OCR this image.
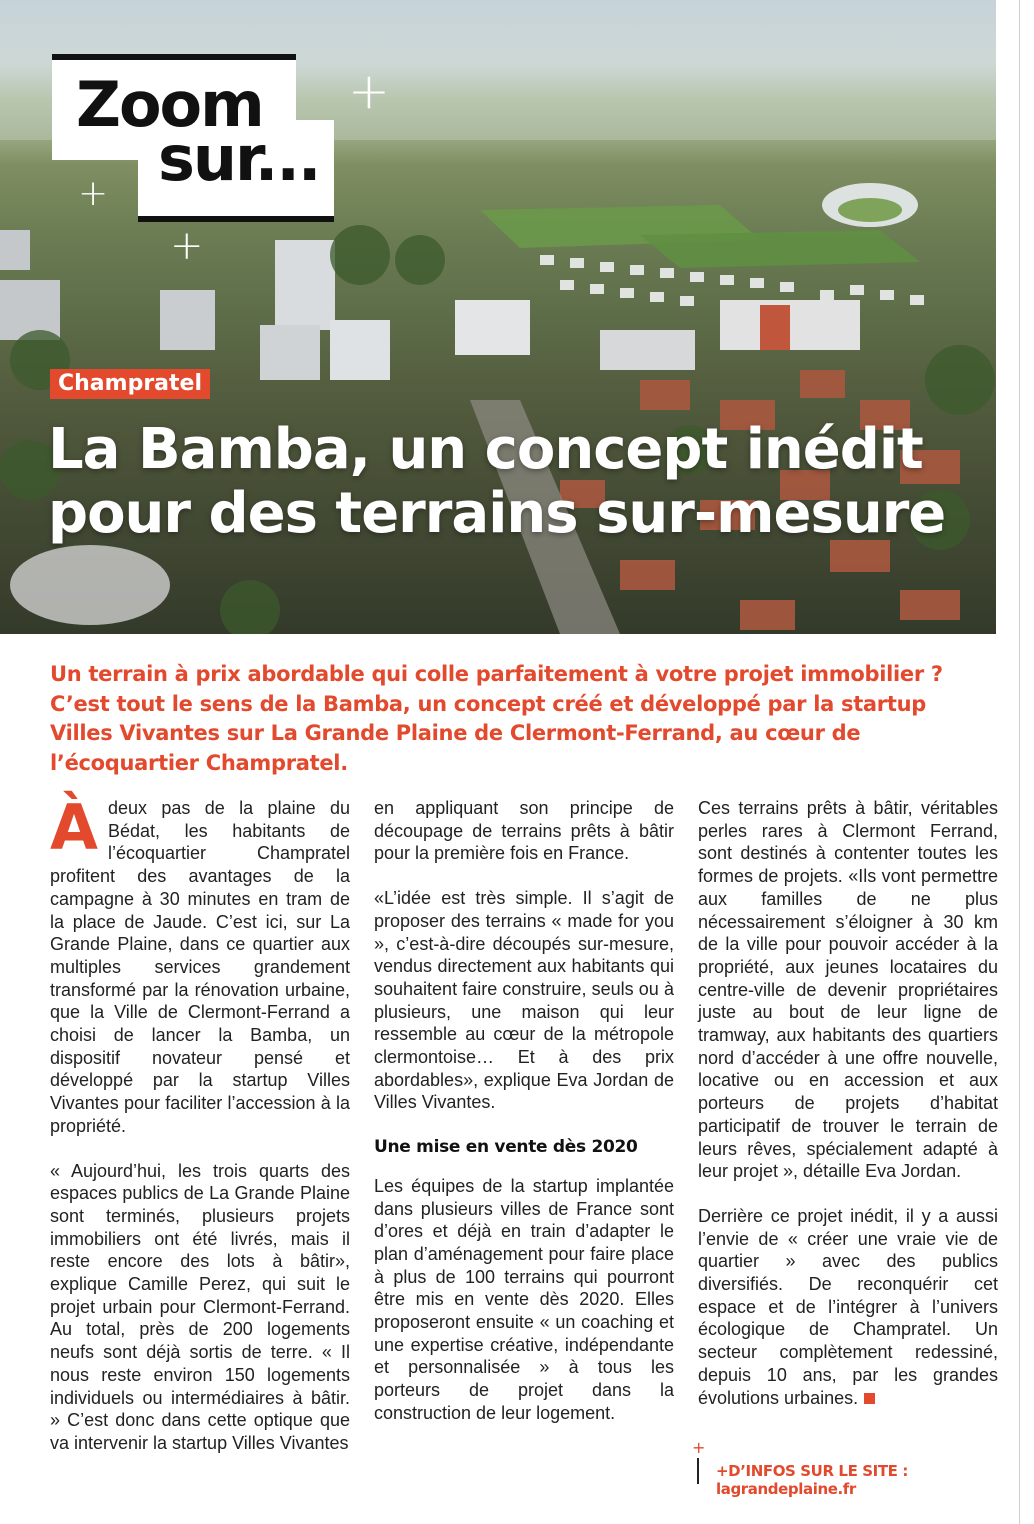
Zoom
sur...
+
+
+
Champratel
La Bamba, un concept inédit pour des terrains sur-mesure
Un terrain à prix abordable qui colle parfaitement à votre projet immobilier ? C’est tout le sens de la Bamba, un concept créé et développé par la startup Villes Vivantes sur La Grande Plaine de Clermont-Ferrand, au cœur de l’écoquartier Champratel.

Àdeux pas de la plaine du Bédat, les habitants de l’écoquartier Champratel profitent des avantages de la campagne à 30 minutes en tram de la place de Jaude. C’est ici, sur La Grande Plaine, dans ce quartier aux multiples services grandement transformé par la rénovation urbaine, que la Ville de Clermont-Ferrand a choisi de lancer la Bamba, un dispositif novateur pensé et développé par la startup Villes Vivantes pour faciliter l’accession à la propriété.

« Aujourd’hui, les trois quarts des espaces publics de La Grande Plaine sont terminés, plusieurs projets immobiliers ont été livrés, mais il reste encore des lots à bâtir», explique Camille Perez, qui suit le projet urbain pour Clermont-Ferrand. Au total, près de 200 logements neufs sont déjà sortis de terre. « Il nous reste environ 150 logements individuels ou intermédiaires à bâtir. » C’est donc dans cette optique que va intervenir la startup Villes Vivantes

en appliquant son principe de découpage de terrains prêts à bâtir pour la première fois en France.

«L’idée est très simple. Il s’agit de proposer des terrains « made for you », c’est-à-dire découpés sur-mesure, vendus directement aux habitants qui souhaitent faire construire, seuls ou à plusieurs, une maison qui leur ressemble au cœur de la métropole clermontoise… Et à des prix abordables», explique Eva Jordan de Villes Vivantes.

Une mise en vente dès 2020

Les équipes de la startup implantée dans plusieurs villes de France sont d’ores et déjà en train d’adapter le plan d’aménagement pour faire place à plus de 100 terrains qui pourront être mis en vente dès 2020. Elles proposeront ensuite « un coaching et une expertise créative, indépendante et personnalisée » à tous les porteurs de projet dans la construction de leur logement.

Ces terrains prêts à bâtir, véritables perles rares à Clermont Ferrand, sont destinés à contenter toutes les formes de projets. «Ils vont permettre aux familles de ne plus nécessairement s’éloigner à 30 km de la ville pour pouvoir accéder à la propriété, aux jeunes locataires du centre-ville de devenir propriétaires juste au bout de leur ligne de tramway, aux habitants des quartiers nord d’accéder à une offre nouvelle, locative ou en accession et aux porteurs de projets d’habitat participatif de trouver le terrain de leurs rêves, spécialement adapté à leur projet », détaille Eva Jordan.

Derrière ce projet inédit, il y a aussi l’envie de « créer une vraie vie de quartier » avec des publics diversifiés. De reconquérir cet espace et de l’intégrer à l’univers écologique de Champratel. Un secteur complètement redessiné, depuis 10 ans, par les grandes évolutions urbaines.

+
+D’INFOS SUR LE SITE : lagrandeplaine.fr
